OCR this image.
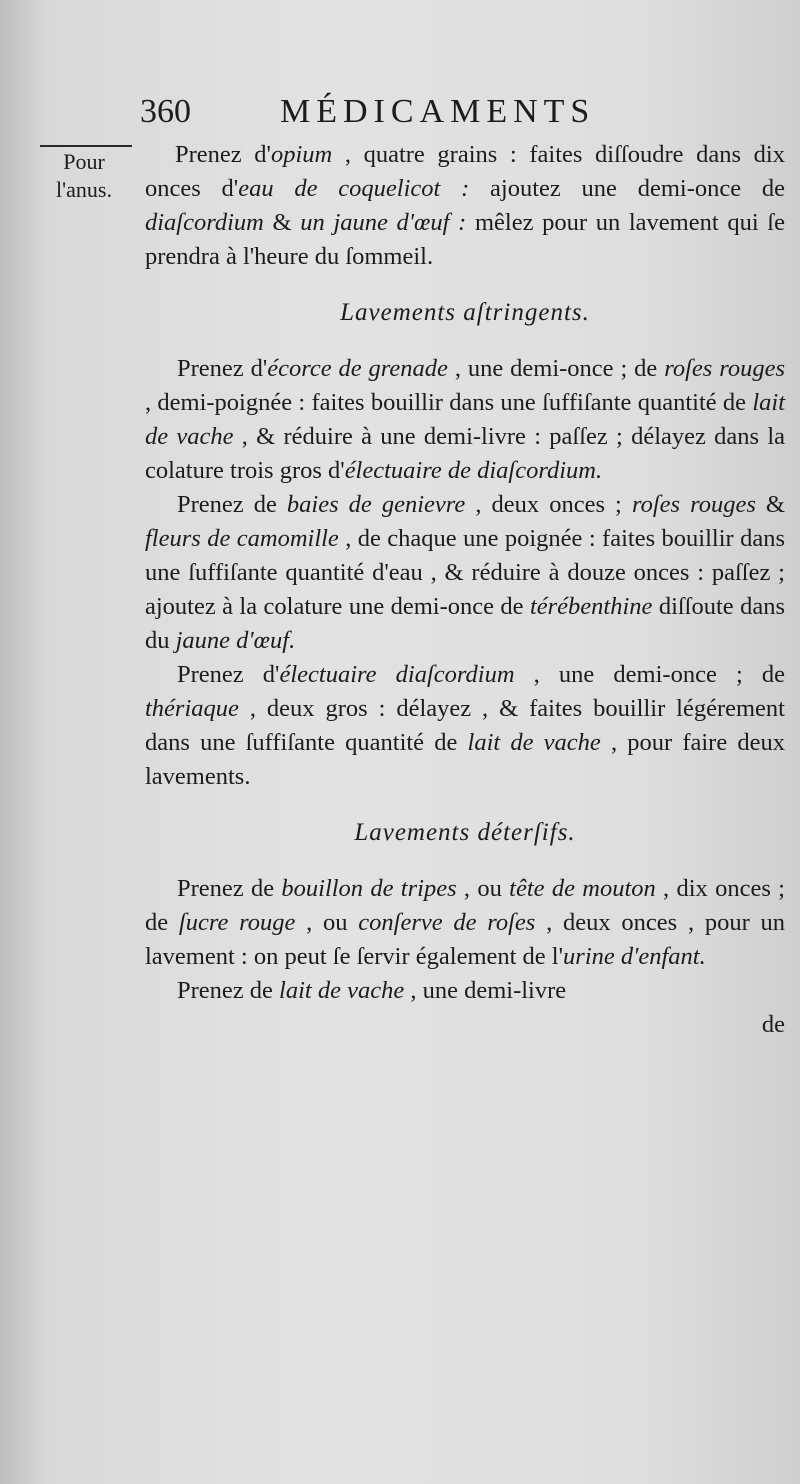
360	MÉDICAMENTS
Pour
l'anus.

Prenez d'opium , quatre grains : faites diſſoudre dans dix onces d'eau de coquelicot : ajoutez une demi-once de diaſcordium & un jaune d'œuf : mêlez pour un lavement qui ſe prendra à l'heure du ſommeil.

Lavements aſtringents.

Prenez d'écorce de grenade , une demi-once ; de roſes rouges , demi-poignée : faites bouillir dans une ſuffiſante quantité de lait de vache , & réduire à une demi-livre : paſſez ; délayez dans la colature trois gros d'électuaire de diaſcordium.

Prenez de baies de genievre , deux onces ; roſes rouges & fleurs de camomille , de chaque une poignée : faites bouillir dans une ſuffiſante quantité d'eau , & réduire à douze onces : paſſez ; ajoutez à la colature une demi-once de térébenthine diſſoute dans du jaune d'œuf.

Prenez d'électuaire diaſcordium , une demi-once ; de thériaque , deux gros : délayez , & faites bouillir légérement dans une ſuffiſante quantité de lait de vache , pour faire deux lavements.

Lavements déterſifs.

Prenez de bouillon de tripes , ou tête de mouton , dix onces ; de ſucre rouge , ou conſerve de roſes , deux onces , pour un lavement : on peut ſe ſervir également de l'urine d'enfant.

Prenez de lait de vache , une demi-livre

de
